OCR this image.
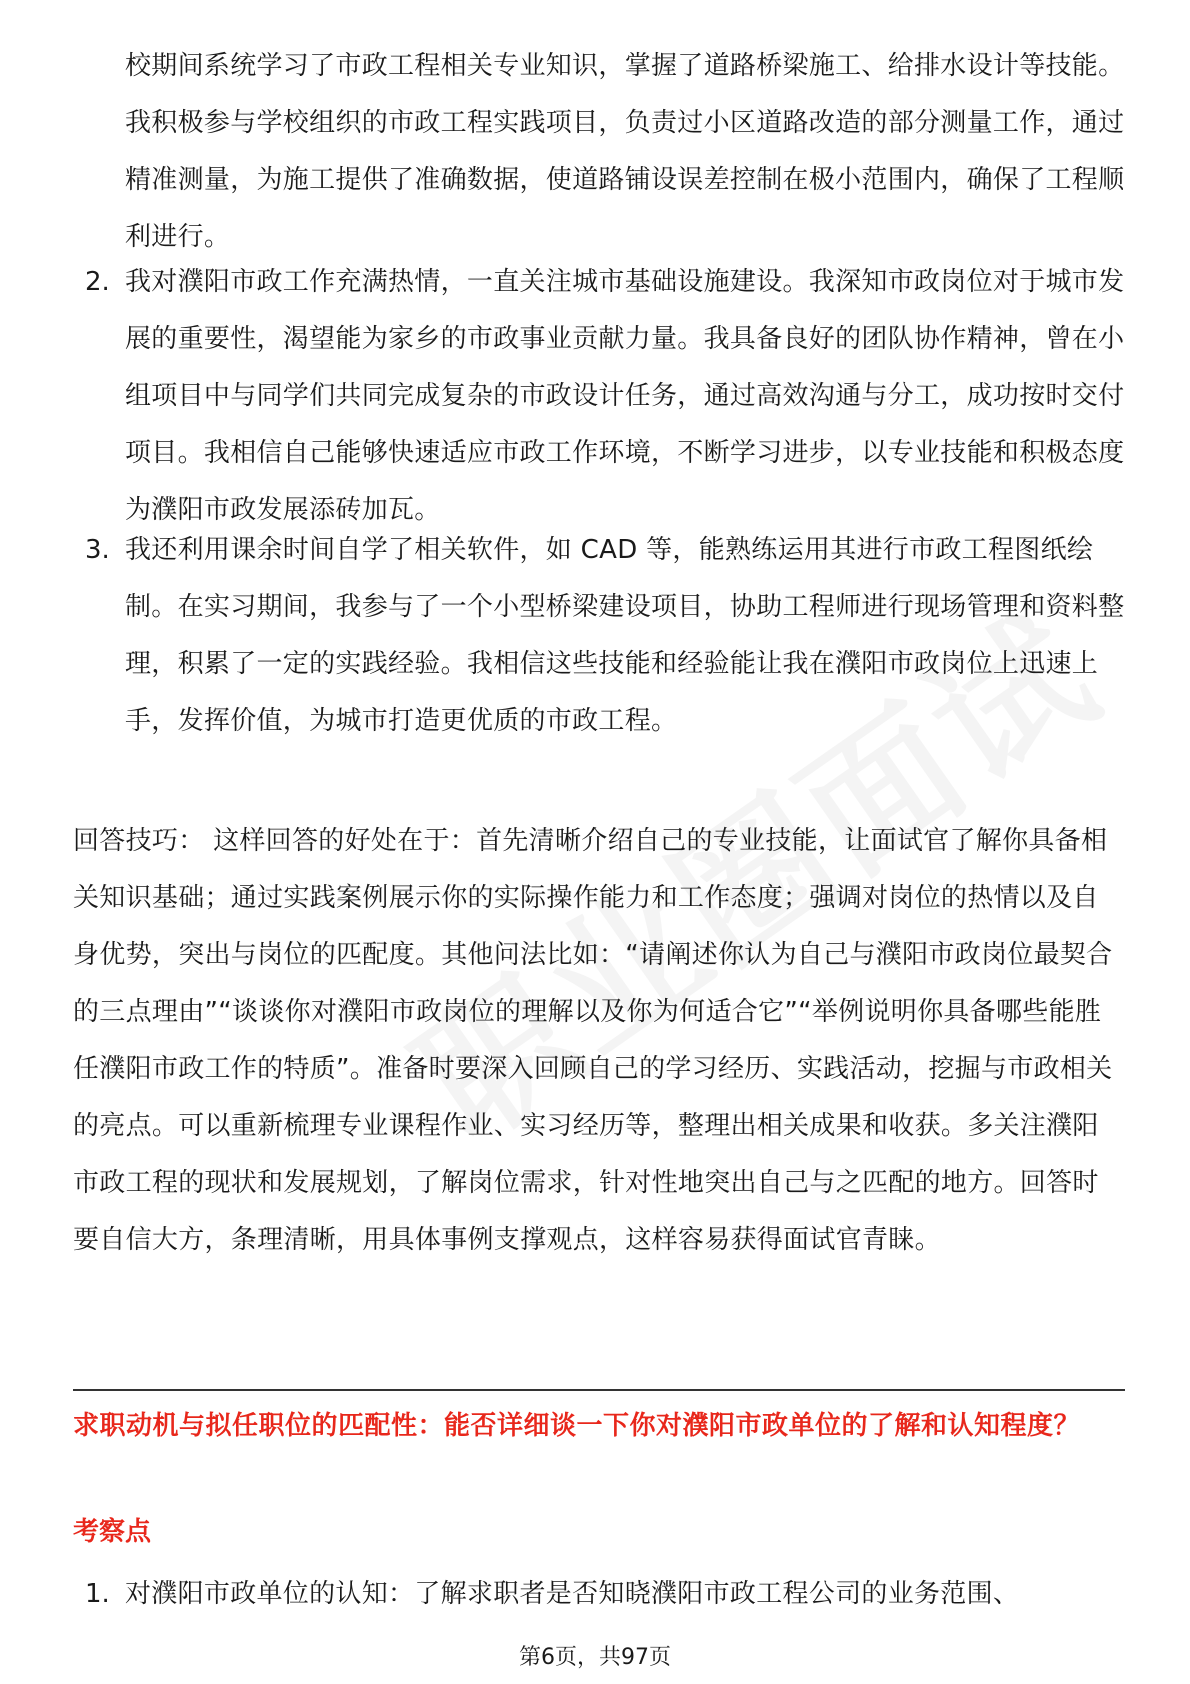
校期间系统学习了市政工程相关专业知识，掌握了道路桥梁施工、给排水设计等技能。我积极参与学校组织的市政工程实践项目，负责过小区道路改造的部分测量工作，通过精准测量，为施工提供了准确数据，使道路铺设误差控制在极小范围内，确保了工程顺利进行。
2. 我对濮阳市政工作充满热情，一直关注城市基础设施建设。我深知市政岗位对于城市发展的重要性，渴望能为家乡的市政事业贡献力量。我具备良好的团队协作精神，曾在小组项目中与同学们共同完成复杂的市政设计任务，通过高效沟通与分工，成功按时交付项目。我相信自己能够快速适应市政工作环境，不断学习进步，以专业技能和积极态度为濮阳市政发展添砖加瓦。
3. 我还利用课余时间自学了相关软件，如 CAD 等，能熟练运用其进行市政工程图纸绘制。在实习期间，我参与了一个小型桥梁建设项目，协助工程师进行现场管理和资料整理，积累了一定的实践经验。我相信这些技能和经验能让我在濮阳市政岗位上迅速上手，发挥价值，为城市打造更优质的市政工程。
回答技巧： 这样回答的好处在于：首先清晰介绍自己的专业技能，让面试官了解你具备相关知识基础；通过实践案例展示你的实际操作能力和工作态度；强调对岗位的热情以及自身优势，突出与岗位的匹配度。其他问法比如：“请阐述你认为自己与濮阳市政岗位最契合的三点理由”“谈谈你对濮阳市政岗位的理解以及你为何适合它”“举例说明你具备哪些能胜任濮阳市政工作的特质”。准备时要深入回顾自己的学习经历、实践活动，挖掘与市政相关的亮点。可以重新梳理专业课程作业、实习经历等，整理出相关成果和收获。多关注濮阳市政工程的现状和发展规划，了解岗位需求，针对性地突出自己与之匹配的地方。回答时要自信大方，条理清晰，用具体事例支撑观点，这样容易获得面试官青睐。
求职动机与拟任职位的匹配性：能否详细谈一下你对濮阳市政单位的了解和认知程度？
考察点
1. 对濮阳市政单位的认知：了解求职者是否知晓濮阳市政工程公司的业务范围、
第6页，共97页
